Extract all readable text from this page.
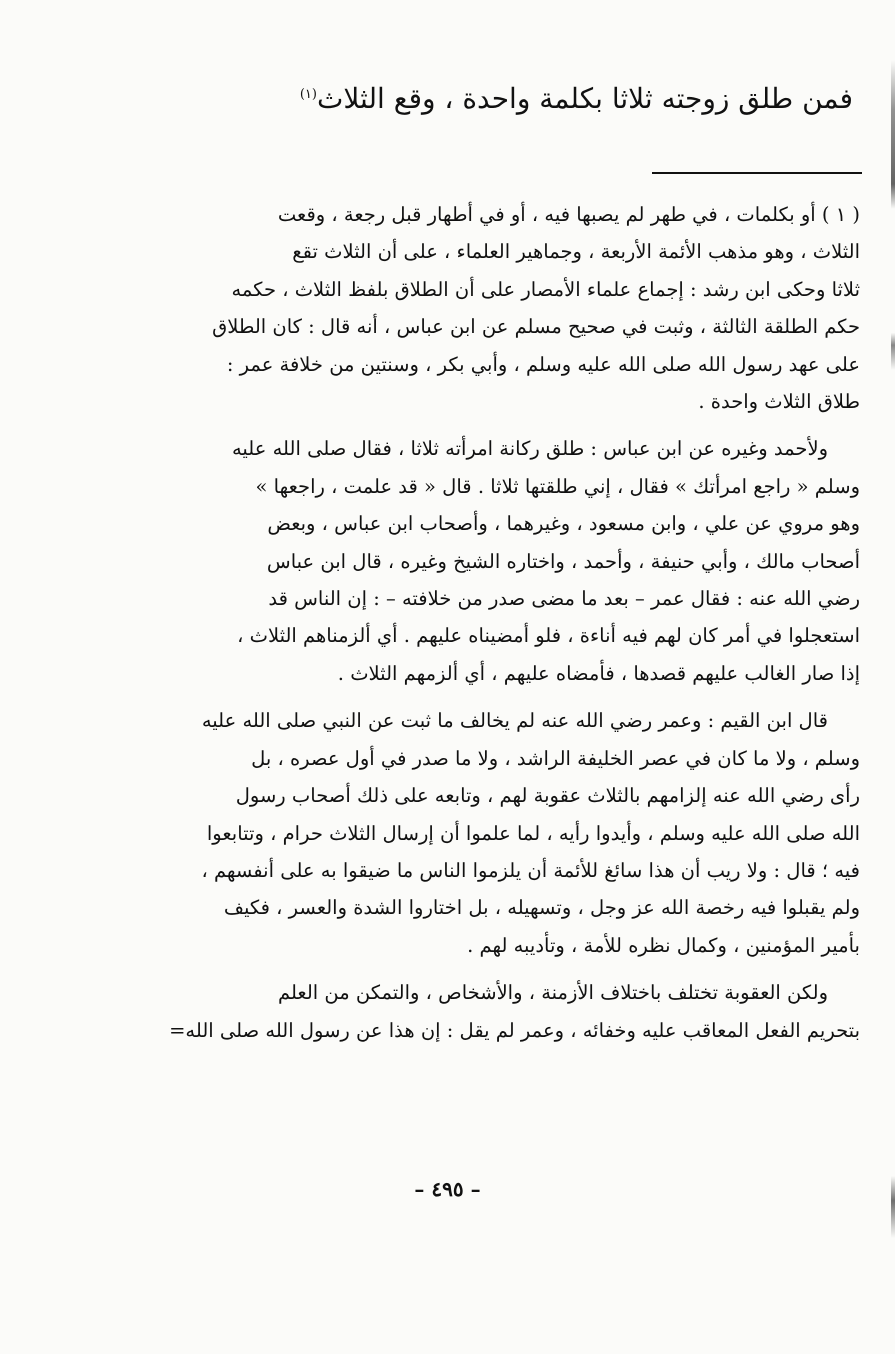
فمن طلق زوجته ثلاثا بكلمة واحدة ، وقع الثلاث$^{(١)}$
( ١ ) أو بكلمات ، في طهر لم يصبها فيه ، أو في أطهار قبل رجعة ، وقعت
الثلاث ، وهو مذهب الأئمة الأربعة ، وجماهير العلماء ، على أن الثلاث تقع
ثلاثا وحكى ابن رشد : إجماع علماء الأمصار على أن الطلاق بلفظ الثلاث ، حكمه
حكم الطلقة الثالثة ، وثبت في صحيح مسلم عن ابن عباس ، أنه قال : كان الطلاق
على عهد رسول الله صلى الله عليه وسلم ، وأبي بكر ، وسنتين من خلافة عمر :
طلاق الثلاث واحدة .
ولأحمد وغيره عن ابن عباس : طلق ركانة امرأته ثلاثا ، فقال صلى الله عليه
وسلم « راجع امرأتك » فقال ، إني طلقتها ثلاثا . قال « قد علمت ، راجعها »
وهو مروي عن علي ، وابن مسعود ، وغيرهما ، وأصحاب ابن عباس ، وبعض
أصحاب مالك ، وأبي حنيفة ، وأحمد ، واختاره الشيخ وغيره ، قال ابن عباس
رضي الله عنه : فقال عمر – بعد ما مضى صدر من خلافته – : إن الناس قد
استعجلوا في أمر كان لهم فيه أناءة ، فلو أمضيناه عليهم . أي ألزمناهم الثلاث ،
إذا صار الغالب عليهم قصدها ، فأمضاه عليهم ، أي ألزمهم الثلاث .
قال ابن القيم : وعمر رضي الله عنه لم يخالف ما ثبت عن النبي صلى الله عليه
وسلم ، ولا ما كان في عصر الخليفة الراشد ، ولا ما صدر في أول عصره ، بل
رأى رضي الله عنه إلزامهم بالثلاث عقوبة لهم ، وتابعه على ذلك أصحاب رسول
الله صلى الله عليه وسلم ، وأيدوا رأيه ، لما علموا أن إرسال الثلاث حرام ، وتتابعوا
فيه ؛ قال : ولا ريب أن هذا سائغ للأئمة أن يلزموا الناس ما ضيقوا به على أنفسهم ،
ولم يقبلوا فيه رخصة الله عز وجل ، وتسهيله ، بل اختاروا الشدة والعسر ، فكيف
بأمير المؤمنين ، وكمال نظره للأمة ، وتأديبه لهم .
ولكن العقوبة تختلف باختلاف الأزمنة ، والأشخاص ، والتمكن من العلم
بتحريم الفعل المعاقب عليه وخفائه ، وعمر لم يقل : إن هذا عن رسول الله صلى الله=
– ٤٩٥ –
